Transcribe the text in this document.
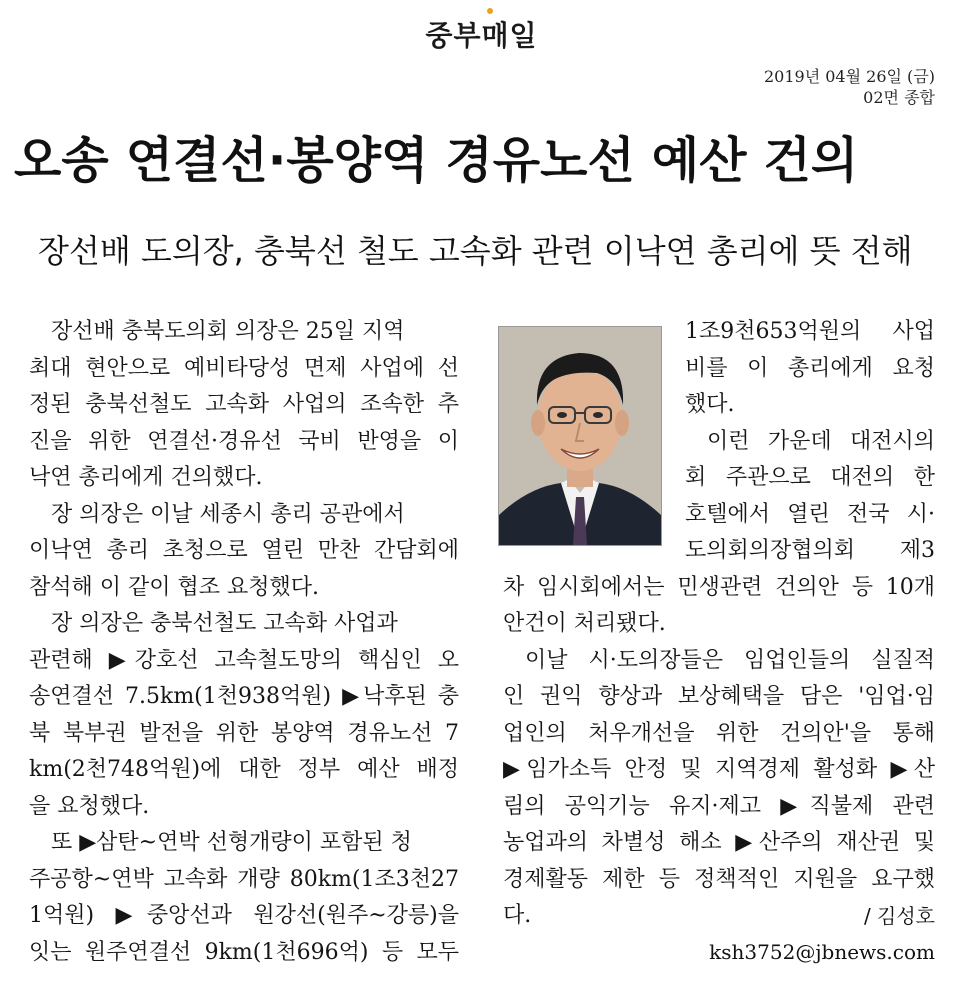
중부매일
2019년 04월 26일 (금)
02면 종합
오송 연결선·봉양역 경유노선 예산 건의
장선배 도의장, 충북선 철도 고속화 관련 이낙연 총리에 뜻 전해
장선배 충북도의회 의장은 25일 지역
최대 현안으로 예비타당성 면제 사업에 선
정된 충북선철도 고속화 사업의 조속한 추
진을 위한 연결선·경유선 국비 반영을 이
낙연 총리에게 건의했다.
장 의장은 이날 세종시 총리 공관에서
이낙연 총리 초청으로 열린 만찬 간담회에
참석해 이 같이 협조 요청했다.
장 의장은 충북선철도 고속화 사업과
관련해 ▶강호선 고속철도망의 핵심인 오
송연결선 7.5km(1천938억원) ▶낙후된 충
북 북부권 발전을 위한 봉양역 경유노선 7
km(2천748억원)에 대한 정부 예산 배정
을 요청했다.
또 ▶삼탄~연박 선형개량이 포함된 청
주공항~연박 고속화 개량 80km(1조3천27
1억원) ▶중앙선과 원강선(원주~강릉)을
잇는 원주연결선 9km(1천696억) 등 모두
1조9천653억원의 사업
비를 이 총리에게 요청
했다.
이런 가운데 대전시의
회 주관으로 대전의 한
호텔에서 열린 전국 시·
도의회의장협의회 제3
차 임시회에서는 민생관련 건의안 등 10개
안건이 처리됐다.
이날 시·도의장들은 임업인들의 실질적
인 권익 향상과 보상혜택을 담은 '임업·임
업인의 처우개선을 위한 건의안'을 통해
▶임가소득 안정 및 지역경제 활성화 ▶산
림의 공익기능 유지·제고 ▶직불제 관련
농업과의 차별성 해소 ▶산주의 재산권 및
경제활동 제한 등 정책적인 지원을 요구했
다.	/ 김성호
ksh3752@jbnews.com
